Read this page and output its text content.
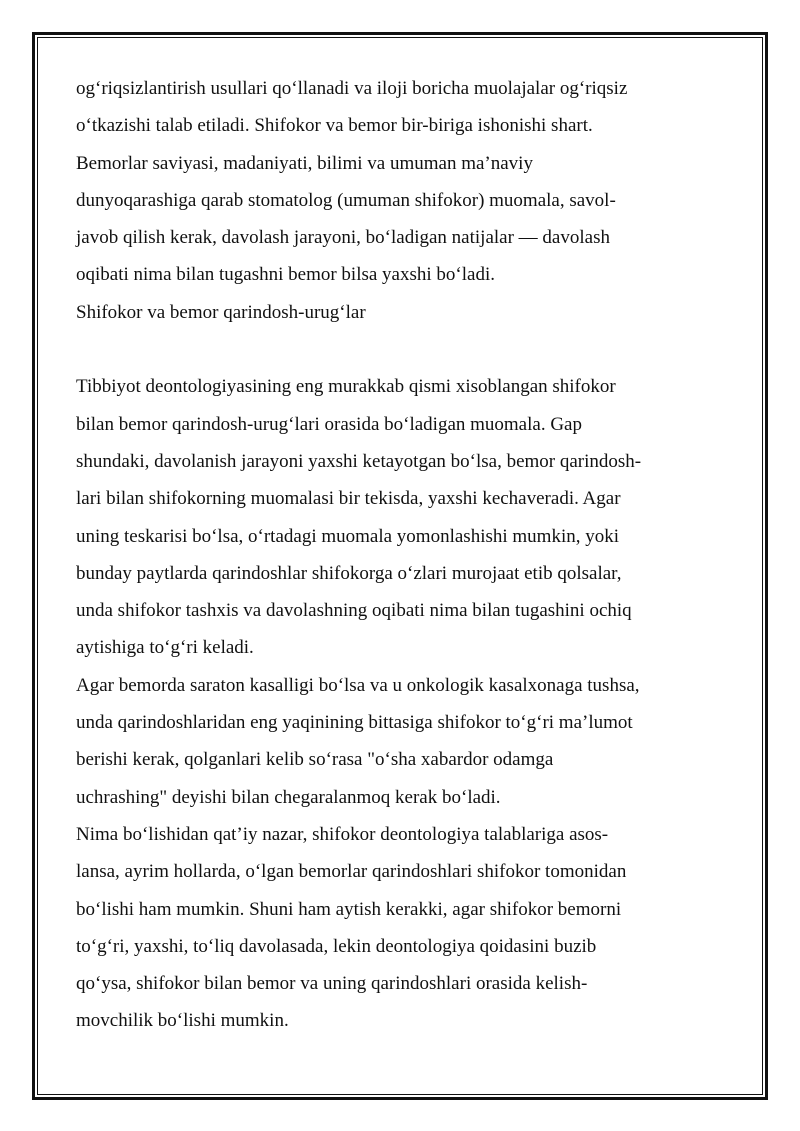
og‘riqsizlantirish usullari qo‘llanadi va iloji boricha muolajalar og‘riqsiz
o‘tkazishi talab etiladi. Shifokor va bemor bir-biriga ishonishi shart.
Bemorlar saviyasi, madaniyati, bilimi va umuman ma’naviy
dunyoqarashiga qarab stomatolog (umuman shifokor) muomala, savol-
javob qilish kerak, davolash jarayoni, bo‘ladigan natijalar — davolash
oqibati nima bilan tugashni bemor bilsa yaxshi bo‘ladi.
Shifokor va bemor qarindosh-urug‘lar
Tibbiyot deontologiyasining eng murakkab qismi xisoblangan shifokor
bilan bemor qarindosh-urug‘lari orasida bo‘ladigan muomala. Gap
shundaki, davolanish jarayoni yaxshi ketayotgan bo‘lsa, bemor qarindosh-
lari bilan shifokorning muomalasi bir tekisda, yaxshi kechaveradi. Agar
uning teskarisi bo‘lsa, o‘rtadagi muomala yomonlashishi mumkin, yoki
bunday paytlarda qarindoshlar shifokorga o‘zlari murojaat etib qolsalar,
unda shifokor tashxis va davolashning oqibati nima bilan tugashini ochiq
aytishiga to‘g‘ri keladi.
Agar bemorda saraton kasalligi bo‘lsa va u onkologik kasalxonaga tushsa,
unda qarindoshlaridan eng yaqinining bittasiga shifokor to‘g‘ri ma’lumot
berishi kerak, qolganlari kelib so‘rasa "o‘sha xabardor odamga
uchrashing" deyishi bilan chegaralanmoq kerak bo‘ladi.
Nima bo‘lishidan qat’iy nazar, shifokor deontologiya talablariga asos-
lansa, ayrim hollarda, o‘lgan bemorlar qarindoshlari shifokor tomonidan
bo‘lishi ham mumkin. Shuni ham aytish kerakki, agar shifokor bemorni
to‘g‘ri, yaxshi, to‘liq davolasada, lekin deontologiya qoidasini buzib
qo‘ysa, shifokor bilan bemor va uning qarindoshlari orasida kelish-
movchilik bo‘lishi mumkin.
